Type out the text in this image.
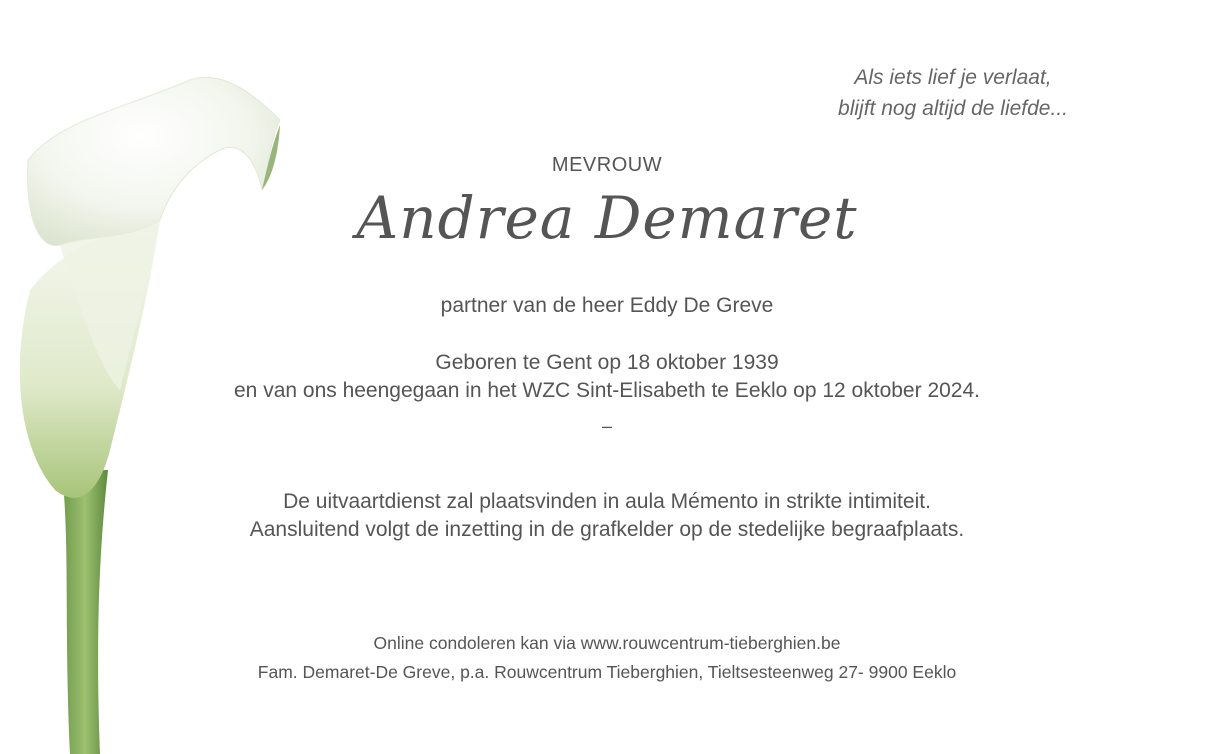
Als iets lief je verlaat,
blijft nog altijd de liefde...
MEVROUW
Andrea Demaret
partner van de heer Eddy De Greve
Geboren te Gent op 18 oktober 1939
en van ons heengegaan in het WZC Sint-Elisabeth te Eeklo op 12 oktober 2024.
–
De uitvaartdienst zal plaatsvinden in aula Mémento in strikte intimiteit.
Aansluitend volgt de inzetting in de grafkelder op de stedelijke begraafplaats.
Online condoleren kan via www.rouwcentrum-tieberghien.be
Fam. Demaret-De Greve, p.a. Rouwcentrum Tieberghien, Tieltsesteenweg 27- 9900 Eeklo
